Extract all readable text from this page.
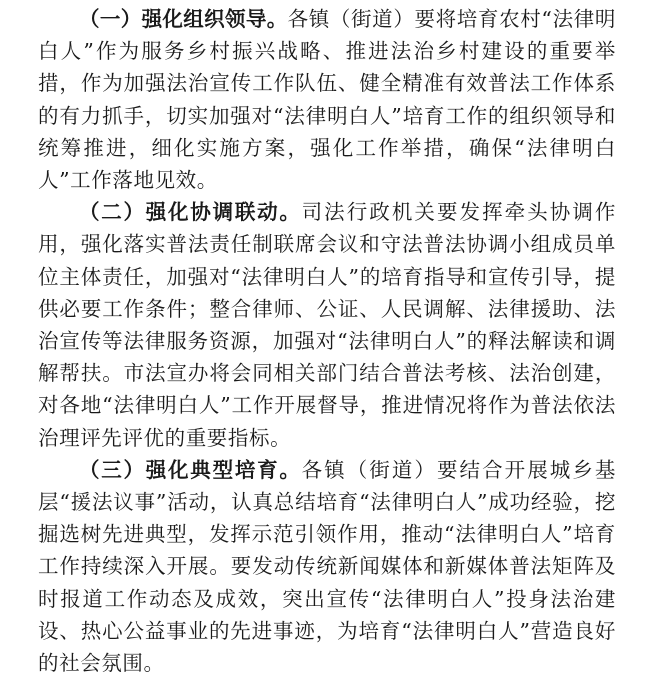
（一）强化组织领导。各镇（街道）要将培育农村“法律明白人”作为服务乡村振兴战略、推进法治乡村建设的重要举措，作为加强法治宣传工作队伍、健全精准有效普法工作体系的有力抓手，切实加强对“法律明白人”培育工作的组织领导和统筹推进，细化实施方案，强化工作举措，确保“法律明白人”工作落地见效。

（二）强化协调联动。司法行政机关要发挥牵头协调作用，强化落实普法责任制联席会议和守法普法协调小组成员单位主体责任，加强对“法律明白人”的培育指导和宣传引导，提供必要工作条件；整合律师、公证、人民调解、法律援助、法治宣传等法律服务资源，加强对“法律明白人”的释法解读和调解帮扶。市法宣办将会同相关部门结合普法考核、法治创建，对各地“法律明白人”工作开展督导，推进情况将作为普法依法治理评先评优的重要指标。

（三）强化典型培育。各镇（街道）要结合开展城乡基层“援法议事”活动，认真总结培育“法律明白人”成功经验，挖掘选树先进典型，发挥示范引领作用，推动“法律明白人”培育工作持续深入开展。要发动传统新闻媒体和新媒体普法矩阵及时报道工作动态及成效，突出宣传“法律明白人”投身法治建设、热心公益事业的先进事迹，为培育“法律明白人”营造良好的社会氛围。
